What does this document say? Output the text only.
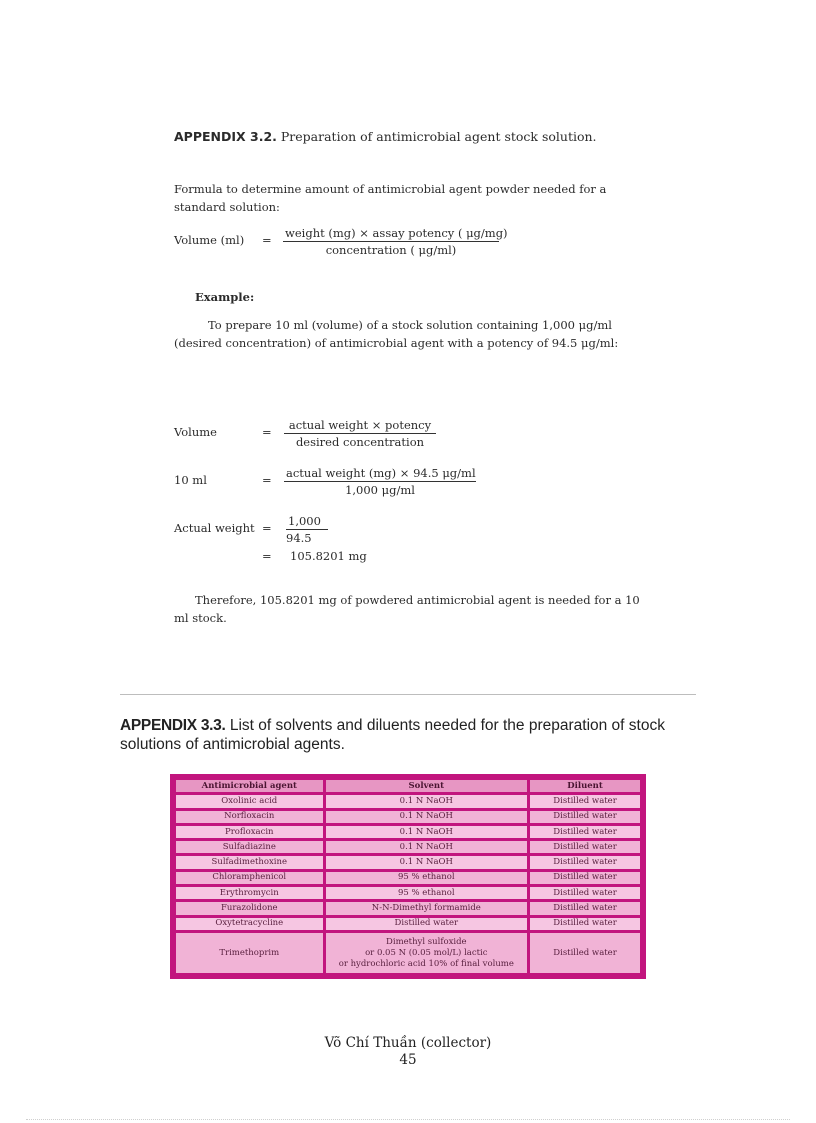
APPENDIX 3.2. Preparation of antimicrobial agent stock solution.
Formula to determine amount of antimicrobial agent powder needed for a standard solution:
Volume (ml) = weight (mg) × assay potency ( μg/mg)
concentration ( μg/ml)
Example:
To prepare 10 ml (volume) of a stock solution containing 1,000 μg/ml (desired concentration) of antimicrobial agent with a potency of 94.5 μg/ml:
Volume	=	actual weight × potency
desired concentration
10 ml	= actual weight (mg) × 94.5 μg/ml
1,000 μg/ml
Actual weight = $\frac{1,000}{94.5}$
= 105.8201 mg
Therefore, 105.8201 mg of powdered antimicrobial agent is needed for a 10 ml stock.
APPENDIX 3.3. List of solvents and diluents needed for the preparation of stock solutions of antimicrobial agents.
Antimicrobial agent	Solvent	Diluent
Oxolinic acid	0.1 N NaOH	Distilled water
Norfloxacin	0.1 N NaOH	Distilled water
Profloxacin	0.1 N NaOH	Distilled water
Sulfadiazine	0.1 N NaOH	Distilled water
Sulfadimethoxine	0.1 N NaOH	Distilled water
Chloramphenicol	95 % ethanol	Distilled water
Erythromycin	95 % ethanol	Distilled water
Furazolidone	N-N-Dimethyl formamide	Distilled water
Oxytetracycline	Distilled water	Distilled water
Trimethoprim	Dimethyl sulfoxide
or 0.05 N (0.05 mol/L) lactic
or hydrochloric acid 10% of final volume	Distilled water
Võ Chí Thuần (collector)
45
